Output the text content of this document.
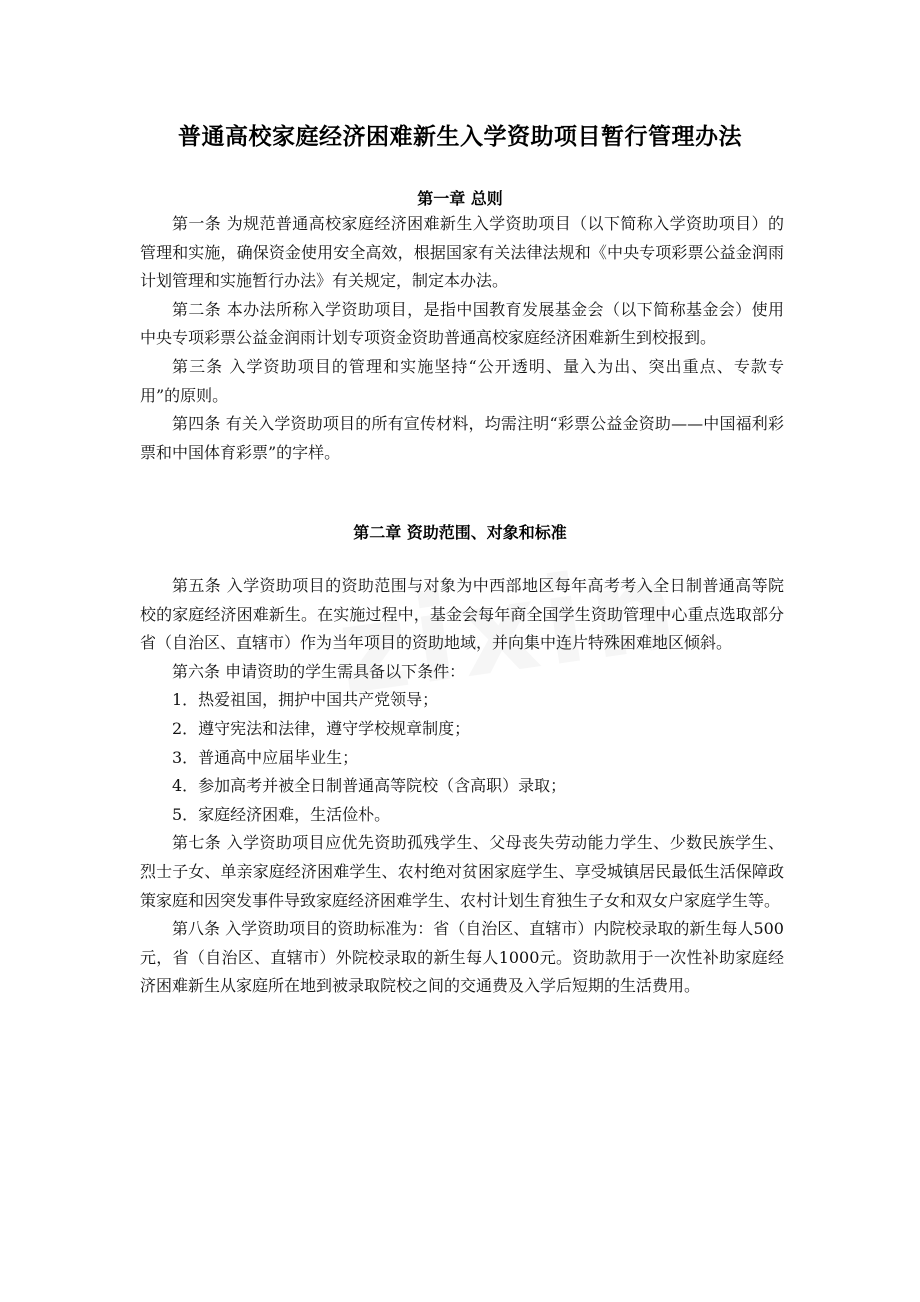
普通高校家庭经济困难新生入学资助项目暂行管理办法
第一章 总则

第一条 为规范普通高校家庭经济困难新生入学资助项目（以下简称入学资助项目）的管理和实施，确保资金使用安全高效，根据国家有关法律法规和《中央专项彩票公益金润雨计划管理和实施暂行办法》有关规定，制定本办法。

第二条 本办法所称入学资助项目，是指中国教育发展基金会（以下简称基金会）使用中央专项彩票公益金润雨计划专项资金资助普通高校家庭经济困难新生到校报到。

第三条 入学资助项目的管理和实施坚持“公开透明、量入为出、突出重点、专款专用”的原则。

第四条 有关入学资助项目的所有宣传材料，均需注明“彩票公益金资助——中国福利彩票和中国体育彩票”的字样。

第二章 资助范围、对象和标准

第五条 入学资助项目的资助范围与对象为中西部地区每年高考考入全日制普通高等院校的家庭经济困难新生。在实施过程中，基金会每年商全国学生资助管理中心重点选取部分省（自治区、直辖市）作为当年项目的资助地域，并向集中连片特殊困难地区倾斜。

第六条 申请资助的学生需具备以下条件：

1．热爱祖国，拥护中国共产党领导；

2．遵守宪法和法律，遵守学校规章制度；

3．普通高中应届毕业生；

4．参加高考并被全日制普通高等院校（含高职）录取；

5．家庭经济困难，生活俭朴。

第七条 入学资助项目应优先资助孤残学生、父母丧失劳动能力学生、少数民族学生、烈士子女、单亲家庭经济困难学生、农村绝对贫困家庭学生、享受城镇居民最低生活保障政策家庭和因突发事件导致家庭经济困难学生、农村计划生育独生子女和双女户家庭学生等。

第八条 入学资助项目的资助标准为：省（自治区、直辖市）内院校录取的新生每人500元，省（自治区、直辖市）外院校录取的新生每人1000元。资助款用于一次性补助家庭经济困难新生从家庭所在地到被录取院校之间的交通费及入学后短期的生活费用。
